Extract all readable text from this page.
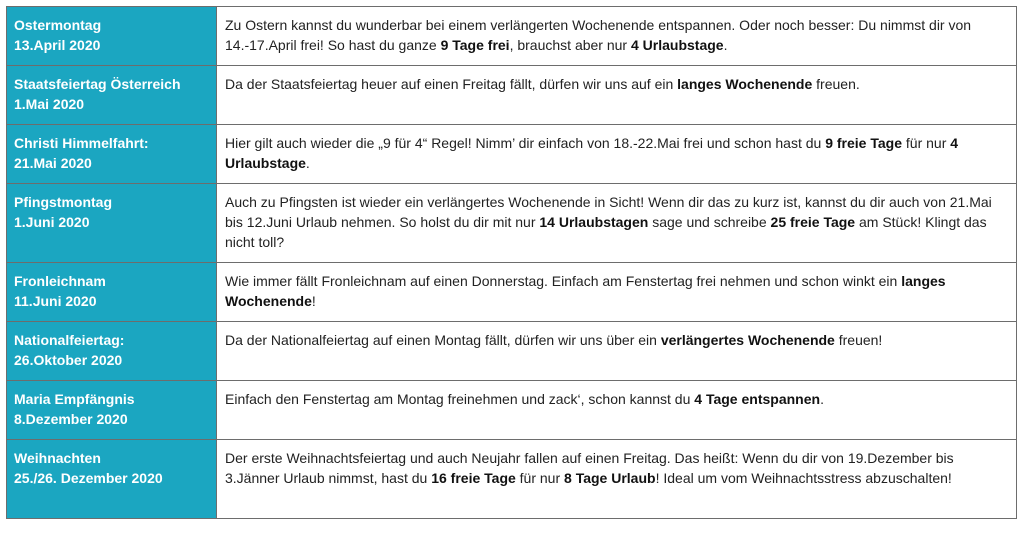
Ostermontag
13.April 2020	Zu Ostern kannst du wunderbar bei einem verlängerten Wochenende entspannen. Oder noch besser: Du nimmst dir von 14.-17.April frei! So hast du ganze 9 Tage frei, brauchst aber nur 4 Urlaubstage.

Staatsfeiertag Österreich
1.Mai 2020	Da der Staatsfeiertag heuer auf einen Freitag fällt, dürfen wir uns auf ein langes Wochenende freuen.

Christi Himmelfahrt:
21.Mai 2020	Hier gilt auch wieder die „9 für 4“ Regel! Nimm’ dir einfach von 18.-22.Mai frei und schon hast du 9 freie Tage für nur 4 Urlaubstage.

Pfingstmontag
1.Juni 2020	Auch zu Pfingsten ist wieder ein verlängertes Wochenende in Sicht! Wenn dir das zu kurz ist, kannst du dir auch von 21.Mai bis 12.Juni Urlaub nehmen. So holst du dir mit nur 14 Urlaubstagen sage und schreibe 25 freie Tage am Stück! Klingt das nicht toll?

Fronleichnam
11.Juni 2020	Wie immer fällt Fronleichnam auf einen Donnerstag. Einfach am Fenstertag frei nehmen und schon winkt ein langes Wochenende!

Nationalfeiertag:
26.Oktober 2020	Da der Nationalfeiertag auf einen Montag fällt, dürfen wir uns über ein verlängertes Wochenende freuen!

Maria Empfängnis
8.Dezember 2020	Einfach den Fenstertag am Montag freinehmen und zack‘, schon kannst du 4 Tage entspannen.

Weihnachten
25./26. Dezember 2020	Der erste Weihnachtsfeiertag und auch Neujahr fallen auf einen Freitag. Das heißt: Wenn du dir von 19.Dezember bis 3.Jänner Urlaub nimmst, hast du 16 freie Tage für nur 8 Tage Urlaub! Ideal um vom Weihnachtsstress abzuschalten!
